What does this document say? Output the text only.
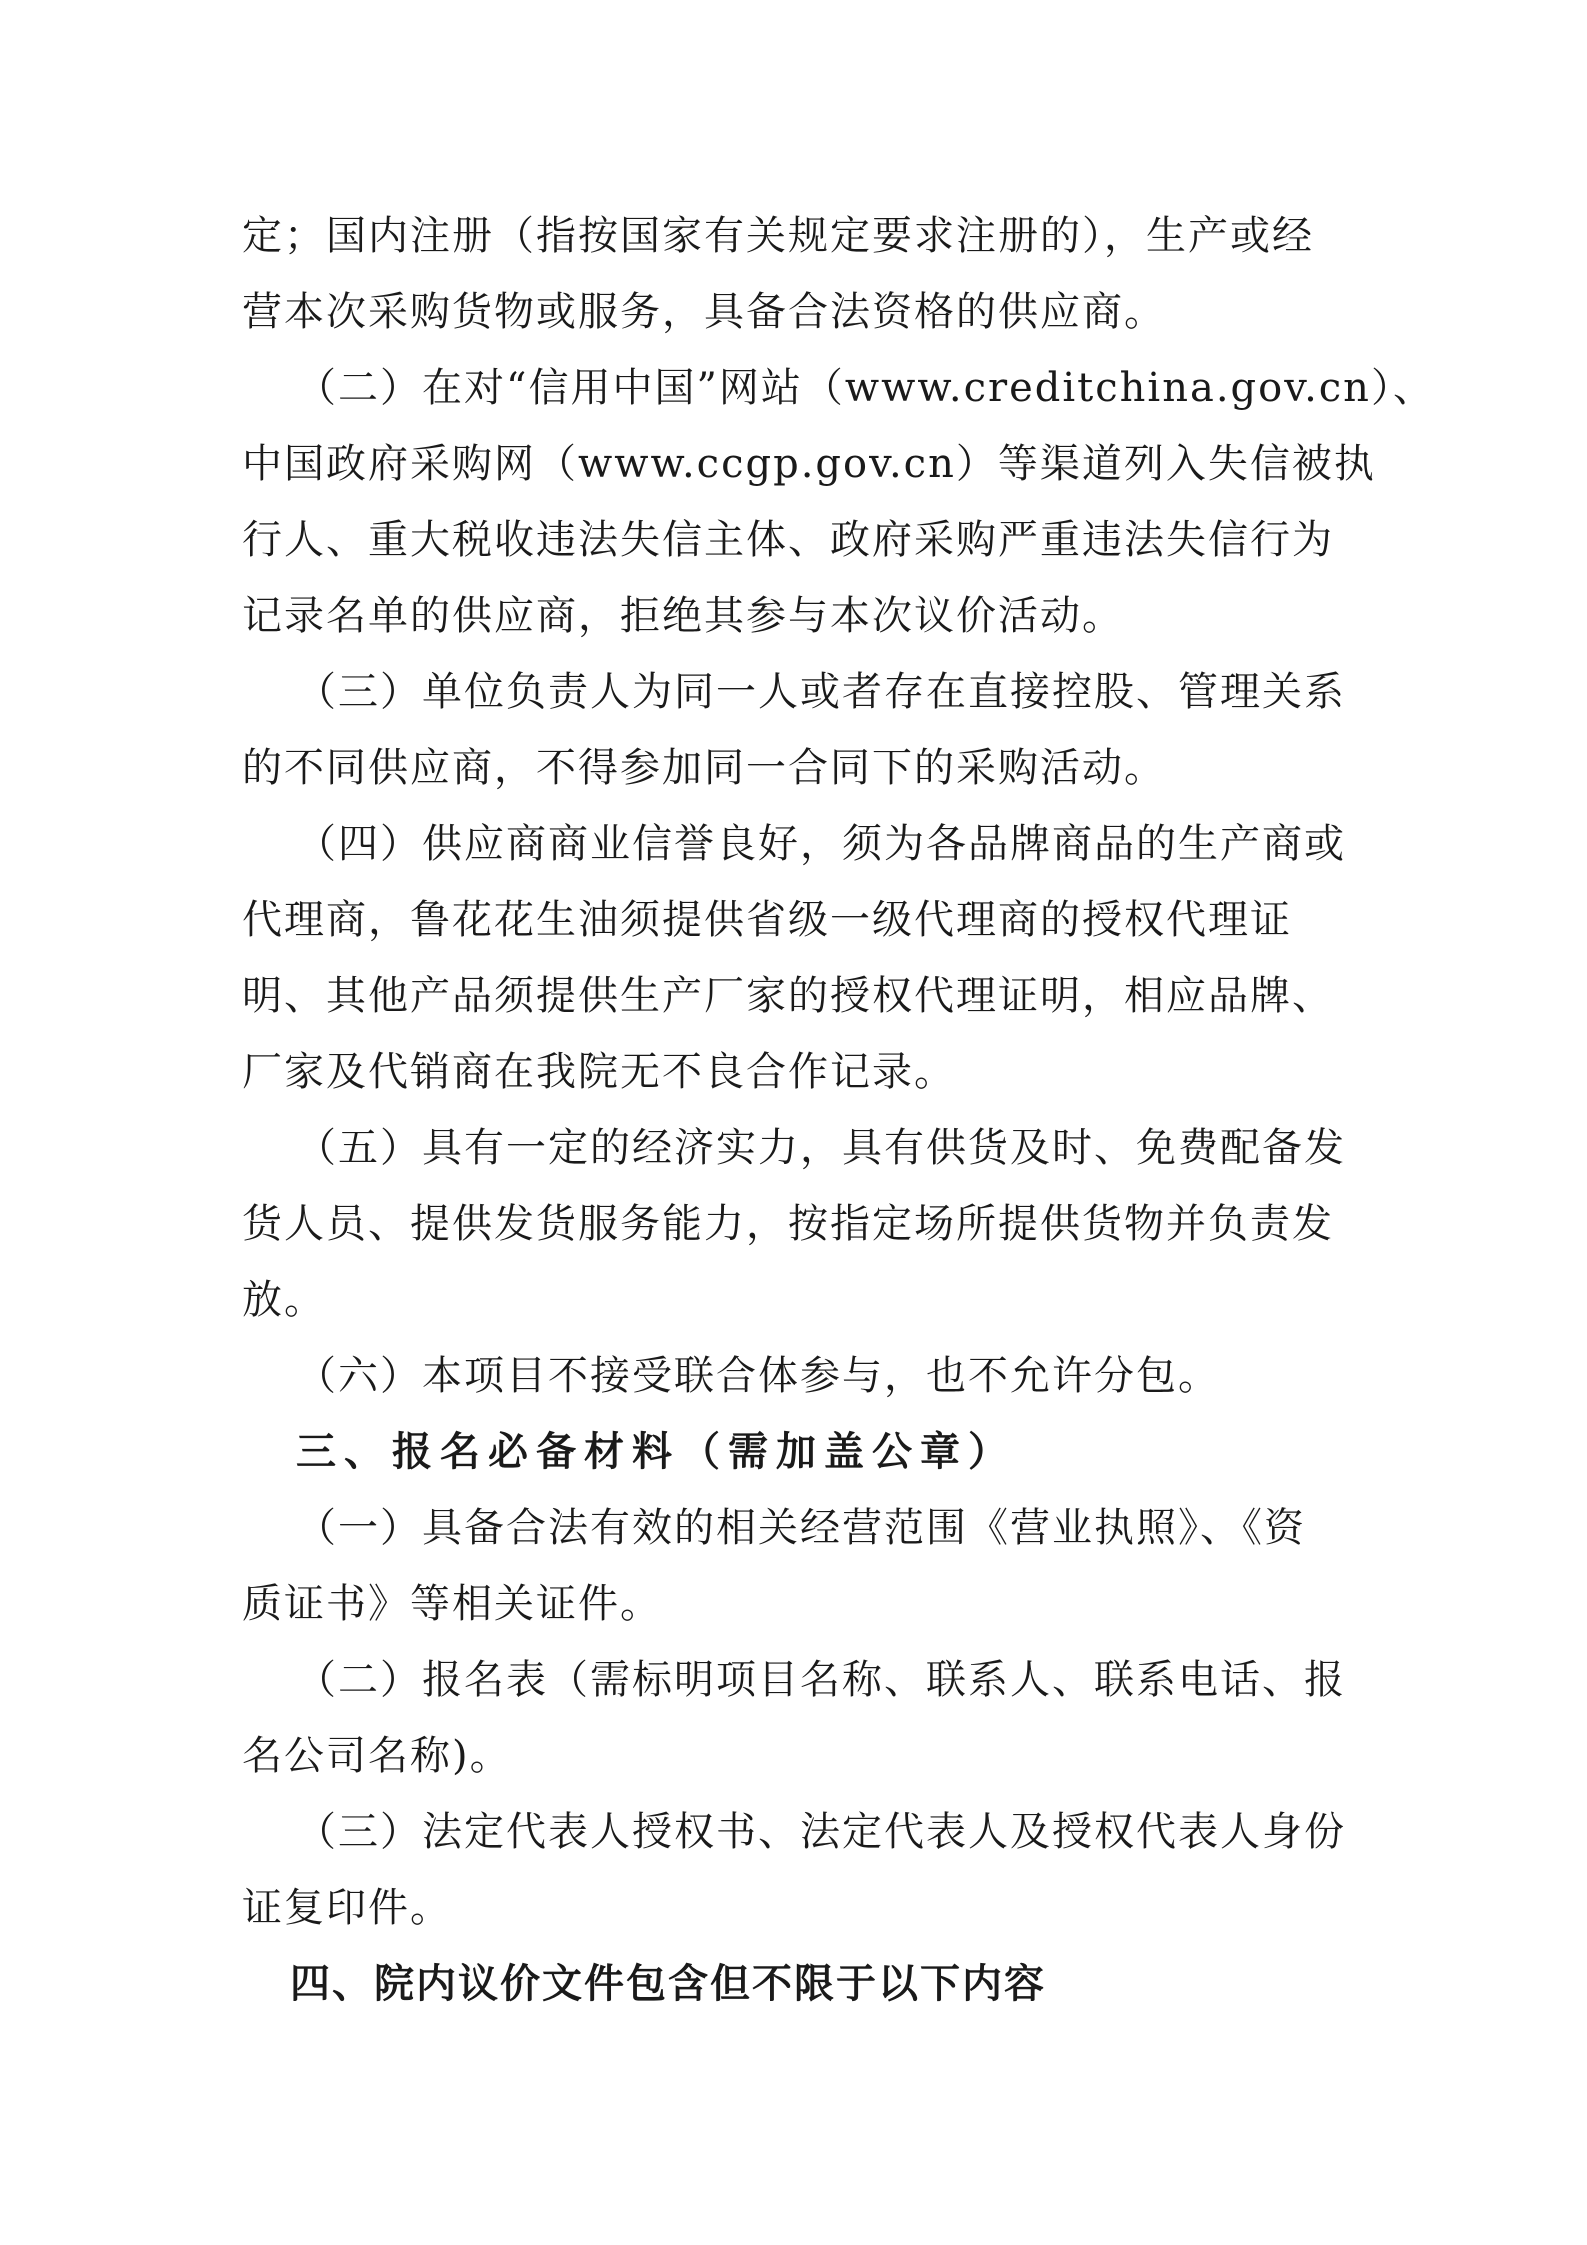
定；国内注册（指按国家有关规定要求注册的），生产或经
营本次采购货物或服务，具备合法资格的供应商。
（二）在对“信用中国”网站（www.creditchina.gov.cn）、
中国政府采购网（www.ccgp.gov.cn）等渠道列入失信被执
行人、重大税收违法失信主体、政府采购严重违法失信行为
记录名单的供应商，拒绝其参与本次议价活动。
（三）单位负责人为同一人或者存在直接控股、管理关系
的不同供应商，不得参加同一合同下的采购活动。
（四）供应商商业信誉良好，须为各品牌商品的生产商或
代理商，鲁花花生油须提供省级一级代理商的授权代理证
明、其他产品须提供生产厂家的授权代理证明，相应品牌、
厂家及代销商在我院无不良合作记录。
（五）具有一定的经济实力，具有供货及时、免费配备发
货人员、提供发货服务能力，按指定场所提供货物并负责发
放。
（六）本项目不接受联合体参与，也不允许分包。
三、报名必备材料（需加盖公章）
（一）具备合法有效的相关经营范围《营业执照》、《资
质证书》等相关证件。
（二）报名表（需标明项目名称、联系人、联系电话、报
名公司名称)。
（三）法定代表人授权书、法定代表人及授权代表人身份
证复印件。
四、院内议价文件包含但不限于以下内容
